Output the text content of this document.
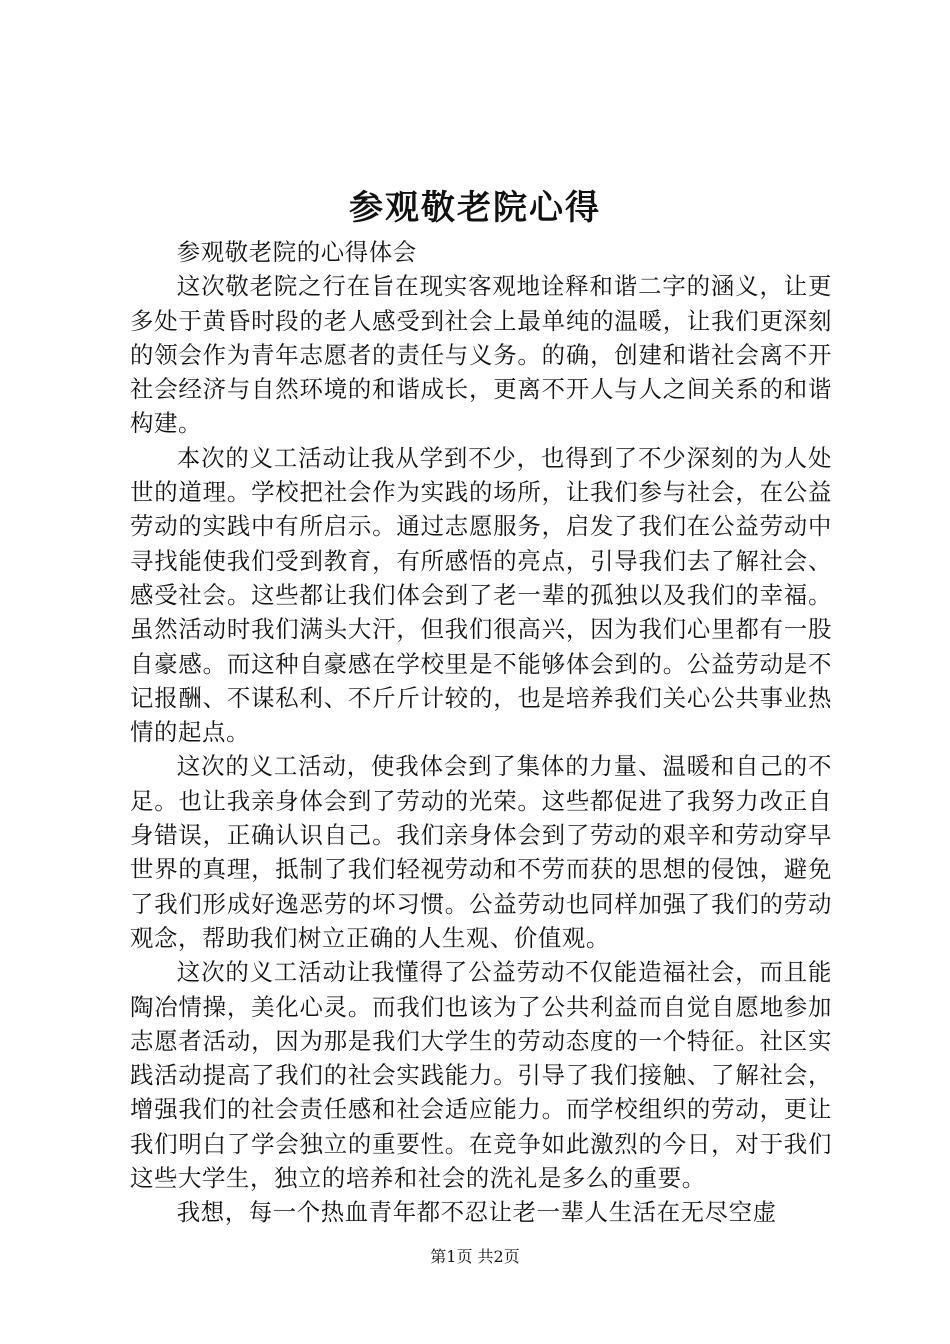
参观敬老院心得

参观敬老院的心得体会

这次敬老院之行在旨在现实客观地诠释和谐二字的涵义，让更多处于黄昏时段的老人感受到社会上最单纯的温暖，让我们更深刻的领会作为青年志愿者的责任与义务。的确，创建和谐社会离不开社会经济与自然环境的和谐成长，更离不开人与人之间关系的和谐构建。

本次的义工活动让我从学到不少，也得到了不少深刻的为人处世的道理。学校把社会作为实践的场所，让我们参与社会，在公益劳动的实践中有所启示。通过志愿服务，启发了我们在公益劳动中寻找能使我们受到教育，有所感悟的亮点，引导我们去了解社会、感受社会。这些都让我们体会到了老一辈的孤独以及我们的幸福。虽然活动时我们满头大汗，但我们很高兴，因为我们心里都有一股自豪感。而这种自豪感在学校里是不能够体会到的。公益劳动是不记报酬、不谋私利、不斤斤计较的，也是培养我们关心公共事业热情的起点。

这次的义工活动，使我体会到了集体的力量、温暖和自己的不足。也让我亲身体会到了劳动的光荣。这些都促进了我努力改正自身错误，正确认识自己。我们亲身体会到了劳动的艰辛和劳动穿早世界的真理，抵制了我们轻视劳动和不劳而获的思想的侵蚀，避免了我们形成好逸恶劳的坏习惯。公益劳动也同样加强了我们的劳动观念，帮助我们树立正确的人生观、价值观。

这次的义工活动让我懂得了公益劳动不仅能造福社会，而且能陶冶情操，美化心灵。而我们也该为了公共利益而自觉自愿地参加志愿者活动，因为那是我们大学生的劳动态度的一个特征。社区实践活动提高了我们的社会实践能力。引导了我们接触、了解社会，增强我们的社会责任感和社会适应能力。而学校组织的劳动，更让我们明白了学会独立的重要性。在竞争如此激烈的今日，对于我们这些大学生，独立的培养和社会的洗礼是多么的重要。

我想，每一个热血青年都不忍让老一辈人生活在无尽空虚

第1页 共2页
